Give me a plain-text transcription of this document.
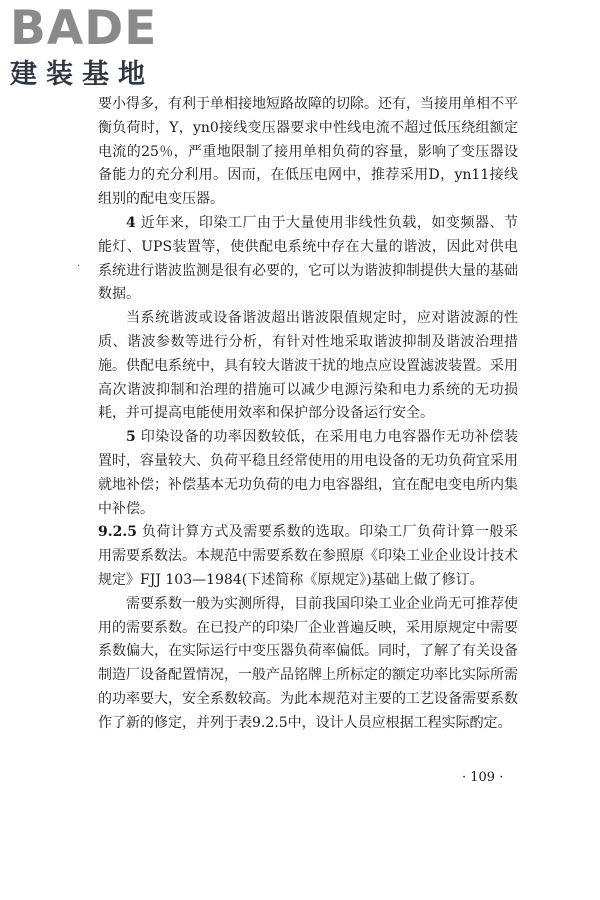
BADE
建装基地
·

要小得多，有利于单相接地短路故障的切除。还有，当接用单相不平衡负荷时，Y，yn0接线变压器要求中性线电流不超过低压绕组额定电流的25％，严重地限制了接用单相负荷的容量，影响了变压器设备能力的充分利用。因而，在低压电网中，推荐采用D，yn11接线组别的配电变压器。

4 近年来，印染工厂由于大量使用非线性负载，如变频器、节能灯、UPS装置等，使供配电系统中存在大量的谐波，因此对供电系统进行谐波监测是很有必要的，它可以为谐波抑制提供大量的基础数据。

当系统谐波或设备谐波超出谐波限值规定时，应对谐波源的性质、谐波参数等进行分析，有针对性地采取谐波抑制及谐波治理措施。供配电系统中，具有较大谐波干扰的地点应设置滤波装置。采用高次谐波抑制和治理的措施可以减少电源污染和电力系统的无功损耗，并可提高电能使用效率和保护部分设备运行安全。

5 印染设备的功率因数较低，在采用电力电容器作无功补偿装置时，容量较大、负荷平稳且经常使用的用电设备的无功负荷宜采用就地补偿；补偿基本无功负荷的电力电容器组，宜在配电变电所内集中补偿。

9.2.5 负荷计算方式及需要系数的选取。印染工厂负荷计算一般采用需要系数法。本规范中需要系数在参照原《印染工业企业设计技术规定》FJJ 103—1984(下述简称《原规定》)基础上做了修订。

需要系数一般为实测所得，目前我国印染工业企业尚无可推荐使用的需要系数。在已投产的印染厂企业普遍反映，采用原规定中需要系数偏大，在实际运行中变压器负荷率偏低。同时，了解了有关设备制造厂设备配置情况，一般产品铭牌上所标定的额定功率比实际所需的功率要大，安全系数较高。为此本规范对主要的工艺设备需要系数作了新的修定，并列于表9.2.5中，设计人员应根据工程实际酌定。

· 109 ·
